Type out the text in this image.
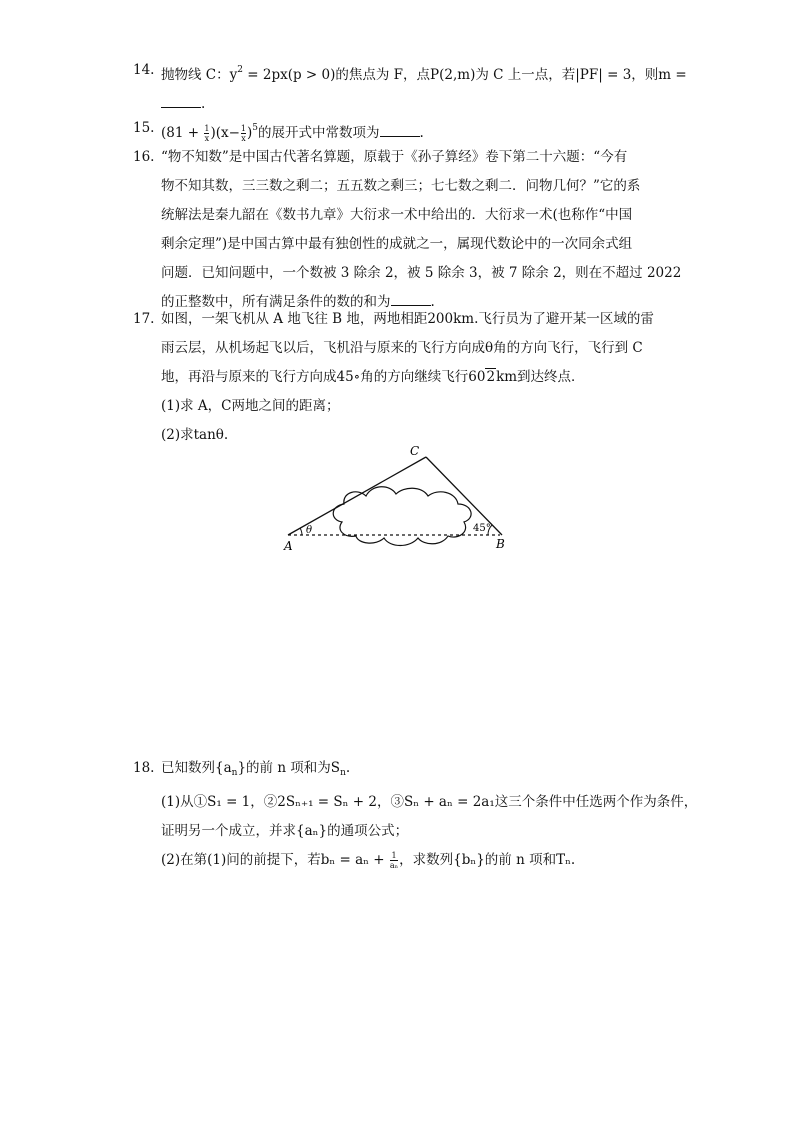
14. 抛物线 C：$y^2 = 2px(p > 0)$的焦点为 F，点P(2,m)为 C 上一点，若|PF| = 3，则m =
.
15. $(81 + \frac{1}{x} )(x- \frac{1}{x} )^5$的展开式中常数项为	.
16. “物不知数”是中国古代著名算题，原载于《孙子算经》卷下第二十六题：“今有
物不知其数，三三数之剩二；五五数之剩三；七七数之剩二．问物几何？”它的系
统解法是秦九韶在《数书九章》大衍求一术中给出的．大衍求一术(也称作“中国
剩余定理”)是中国古算中最有独创性的成就之一，属现代数论中的一次同余式组
问题．已知问题中，一个数被 3 除余 2，被 5 除余 3，被 7 除余 2，则在不超过 2022
的正整数中，所有满足条件的数的和为	.
17. 如图，一架飞机从 A 地飞往 B 地，两地相距200km.飞行员为了避开某一区域的雷
雨云层，从机场起飞以后，飞机沿与原来的飞行方向成θ角的方向飞行，飞行到 C
地，再沿与原来的飞行方向成45∘角的方向继续飞行602km到达终点．
(1)求 A，C两地之间的距离；
(2)求tanθ.
A	B
C
θ	45°
18. 已知数列$\{a_n\}$的前 n 项和为$S_n$.
(1)从①S₁ = 1，②2Sₙ₊₁ = Sₙ + 2，③Sₙ + aₙ = 2a₁这三个条件中任选两个作为条件，
证明另一个成立，并求{aₙ}的通项公式；
(2)在第(1)问的前提下，若$b_n = a_n + \frac{1}{\text{aₙ}}$ ，求数列{bₙ}的前 n 项和Tₙ.
